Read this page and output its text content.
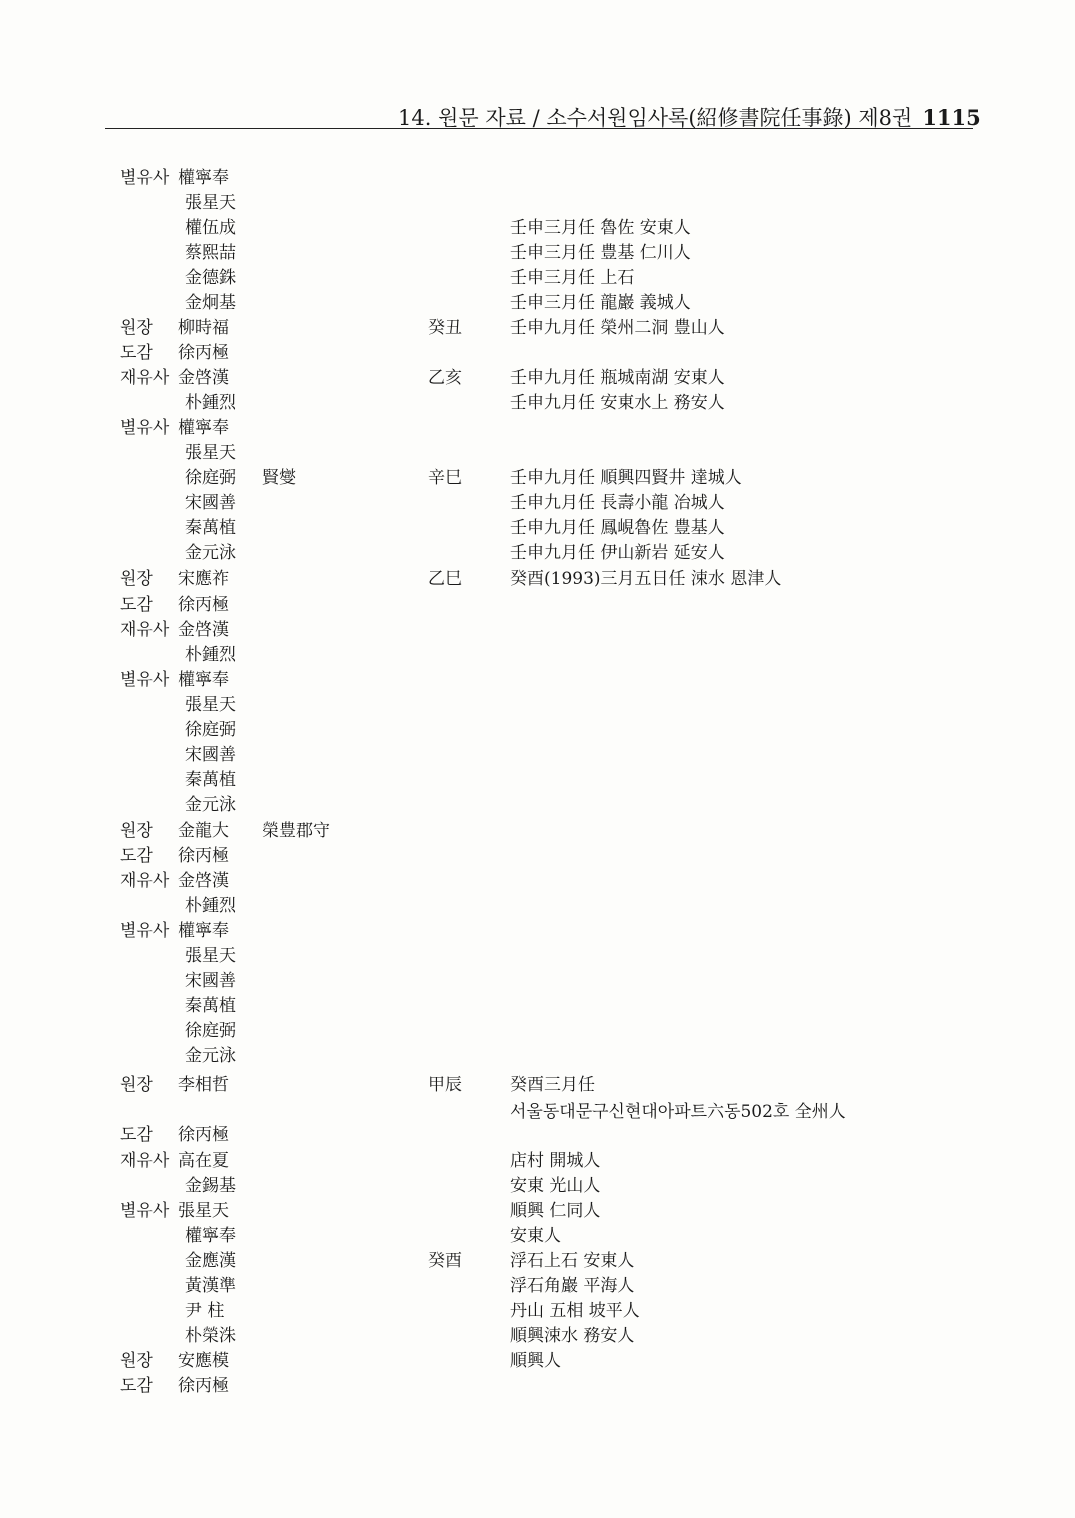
14. 원문 자료 / 소수서원임사록(紹修書院任事錄) 제8권 1115
별유사 權寧奉
張星天
權伍成	壬申三月任 魯佐 安東人
蔡熙喆	壬申三月任 豊基 仁川人
金德銖	壬申三月任 上石
金炯基	壬申三月任 龍巖 義城人
원장 柳時福	癸丑	壬申九月任 榮州二洞 豊山人
도감 徐丙極
재유사 金啓漢	乙亥	壬申九月任 瓶城南湖 安東人
朴鍾烈	壬申九月任 安東水上 務安人
별유사 權寧奉
張星天
徐庭弼 賢燮	辛巳	壬申九月任 順興四賢井 達城人
宋國善	壬申九月任 長壽小龍 冶城人
秦萬植	壬申九月任 鳳峴魯佐 豊基人
金元泳	壬申九月任 伊山新岩 延安人
원장 宋應祚	乙巳	癸酉(1993)三月五日任 涑水 恩津人
도감 徐丙極
재유사 金啓漢
朴鍾烈
별유사 權寧奉
張星天
徐庭弼
宋國善
秦萬植
金元泳
원장 金龍大 榮豊郡守
도감 徐丙極
재유사 金啓漢
朴鍾烈
별유사 權寧奉
張星天
宋國善
秦萬植
徐庭弼
金元泳
원장 李相哲	甲辰	癸酉三月任
서울동대문구신현대아파트六동502호 全州人
도감 徐丙極
재유사 高在夏	店村 開城人
金錫基	安東 光山人
별유사 張星天	順興 仁同人
權寧奉	安東人
金應漢	癸酉	浮石上石 安東人
黃漢準	浮石角巖 平海人
尹 柱	丹山 五相 坡平人
朴榮洙	順興涑水 務安人
원장 安應模	順興人
도감 徐丙極
